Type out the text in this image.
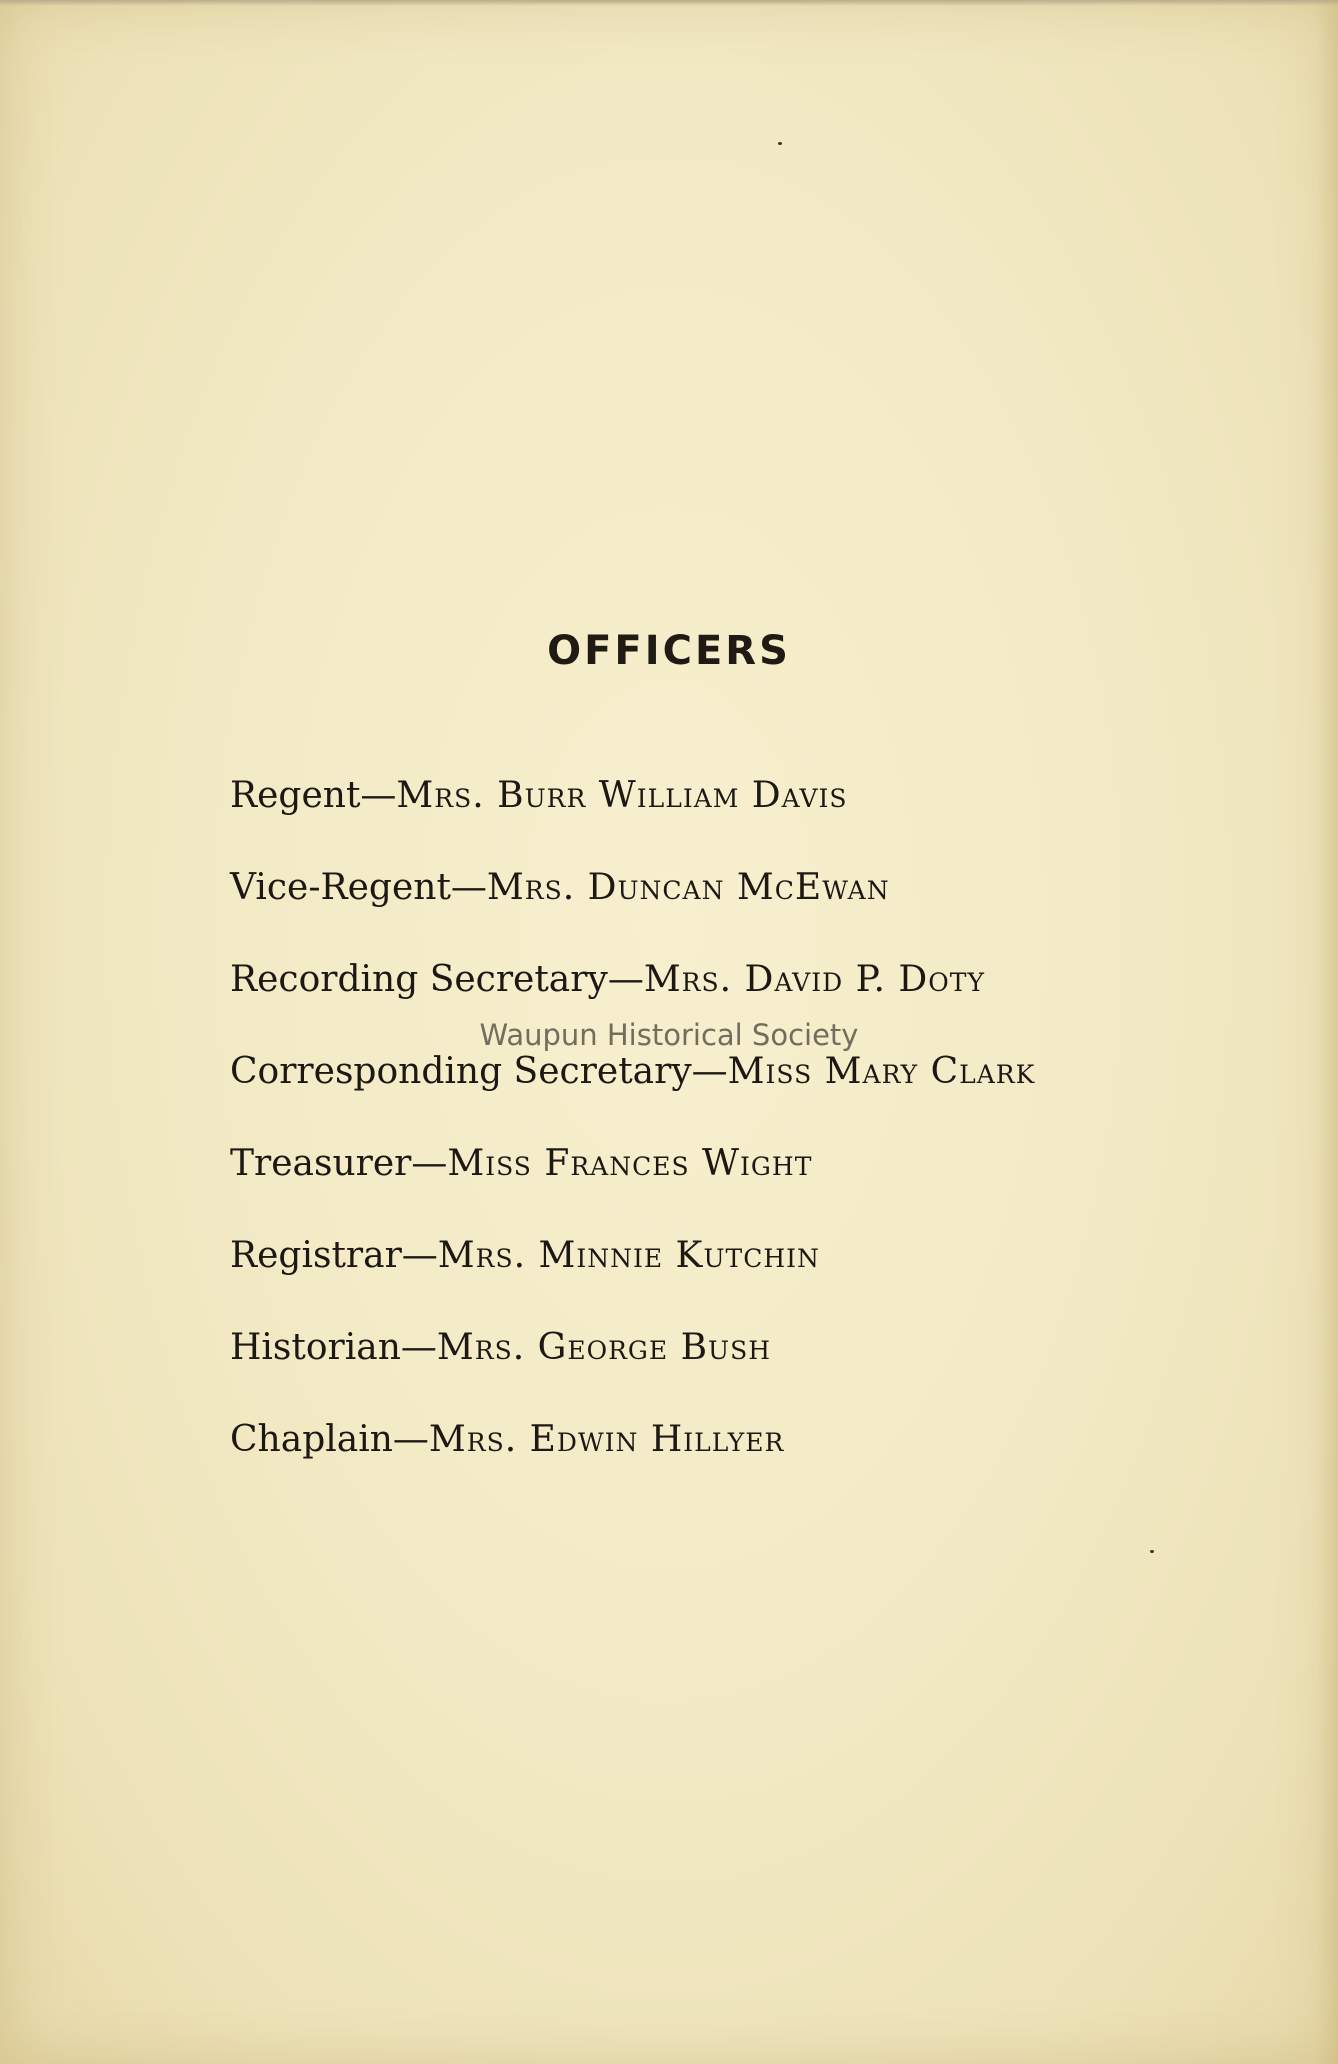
OFFICERS
Regent—Mrs. Burr William Davis
Vice-Regent—Mrs. Duncan McEwan
Recording Secretary—Mrs. David P. Doty
Corresponding Secretary—Miss Mary Clark
Treasurer—Miss Frances Wight
Registrar—Mrs. Minnie Kutchin
Historian—Mrs. George Bush
Chaplain—Mrs. Edwin Hillyer
Waupun Historical Society
